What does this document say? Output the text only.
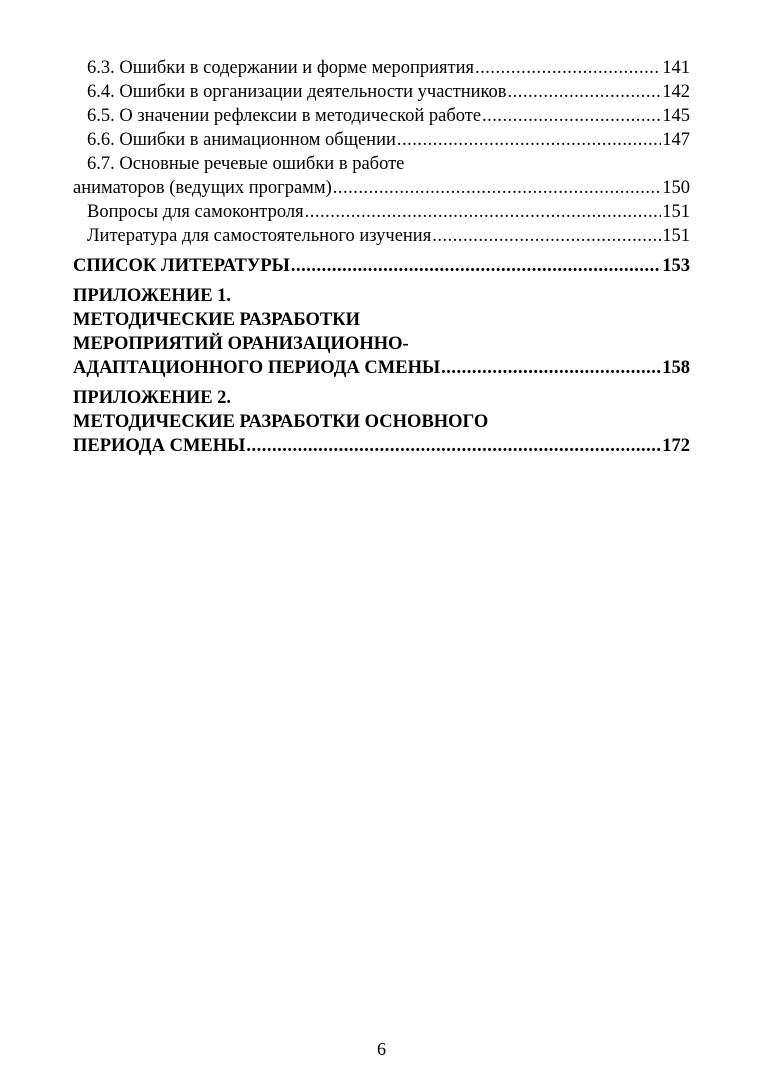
6.3. Ошибки в содержании и форме мероприятия .....	141
6.4. Ошибки в организации деятельности участников .....	142
6.5. О значении рефлексии в методической работе .....	145
6.6. Ошибки в анимационном общении .....	147
6.7. Основные речевые ошибки в работе
аниматоров (ведущих программ) .....	150
Вопросы для самоконтроля .....	151
Литература для самостоятельного изучения .....	151
СПИСОК ЛИТЕРАТУРЫ .....	153
ПРИЛОЖЕНИЕ 1.
МЕТОДИЧЕСКИЕ РАЗРАБОТКИ
МЕРОПРИЯТИЙ ОРАНИЗАЦИОННО-
АДАПТАЦИОННОГО ПЕРИОДА СМЕНЫ .....	158
ПРИЛОЖЕНИЕ 2.
МЕТОДИЧЕСКИЕ РАЗРАБОТКИ ОСНОВНОГО
ПЕРИОДА СМЕНЫ .....	172
6
